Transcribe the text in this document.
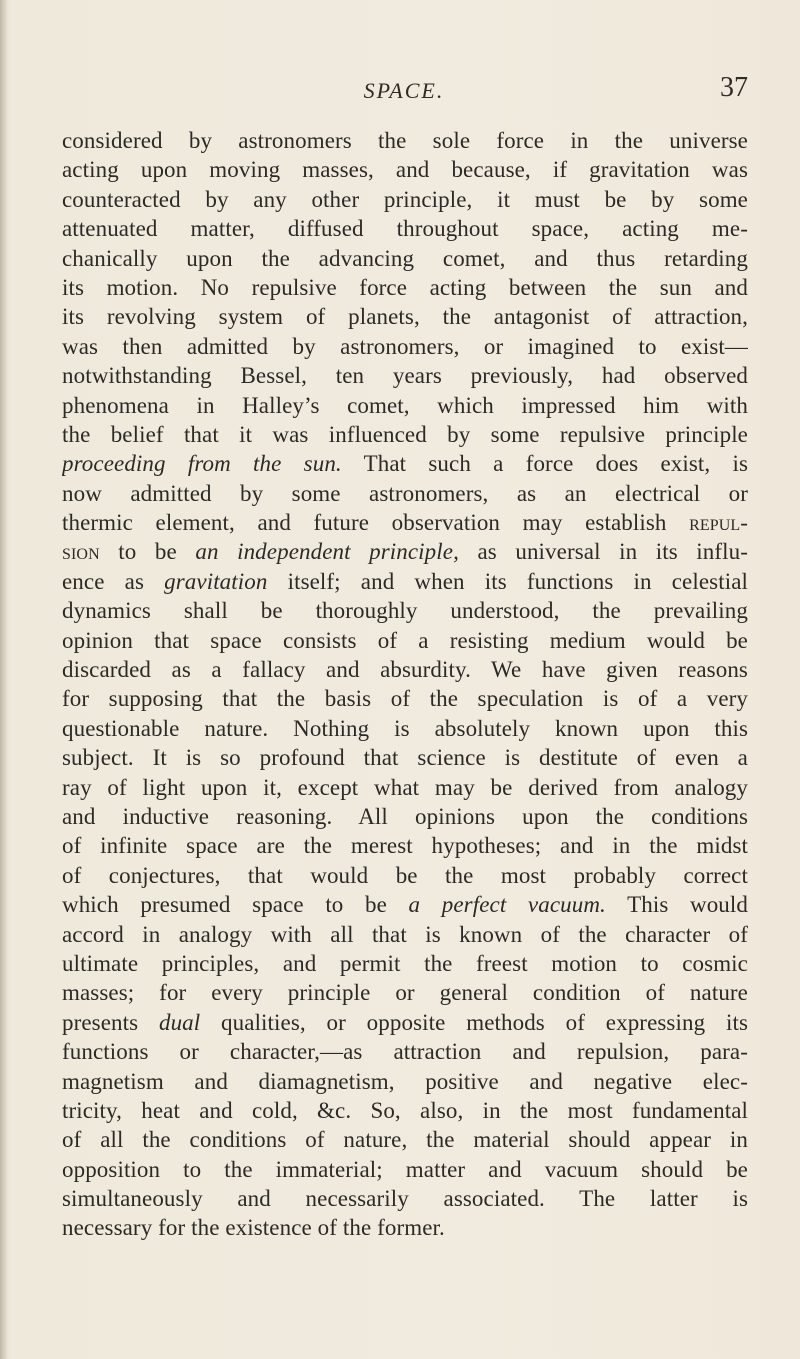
SPACE.	37
considered by astronomers the sole force in the universe
acting upon moving masses, and because, if gravitation was
counteracted by any other principle, it must be by some
attenuated matter, diffused throughout space, acting me-
chanically upon the advancing comet, and thus retarding
its motion. No repulsive force acting between the sun and
its revolving system of planets, the antagonist of attraction,
was then admitted by astronomers, or imagined to exist—
notwithstanding Bessel, ten years previously, had observed
phenomena in Halley’s comet, which impressed him with
the belief that it was influenced by some repulsive principle
proceeding from the sun. That such a force does exist, is
now admitted by some astronomers, as an electrical or
thermic element, and future observation may establish repul-
sion to be an independent principle, as universal in its influ-
ence as gravitation itself; and when its functions in celestial
dynamics shall be thoroughly understood, the prevailing
opinion that space consists of a resisting medium would be
discarded as a fallacy and absurdity. We have given reasons
for supposing that the basis of the speculation is of a very
questionable nature. Nothing is absolutely known upon this
subject. It is so profound that science is destitute of even a
ray of light upon it, except what may be derived from analogy
and inductive reasoning. All opinions upon the conditions
of infinite space are the merest hypotheses; and in the midst
of conjectures, that would be the most probably correct
which presumed space to be a perfect vacuum. This would
accord in analogy with all that is known of the character of
ultimate principles, and permit the freest motion to cosmic
masses; for every principle or general condition of nature
presents dual qualities, or opposite methods of expressing its
functions or character,—as attraction and repulsion, para-
magnetism and diamagnetism, positive and negative elec-
tricity, heat and cold, &c. So, also, in the most fundamental
of all the conditions of nature, the material should appear in
opposition to the immaterial; matter and vacuum should be
simultaneously and necessarily associated. The latter is
necessary for the existence of the former.
